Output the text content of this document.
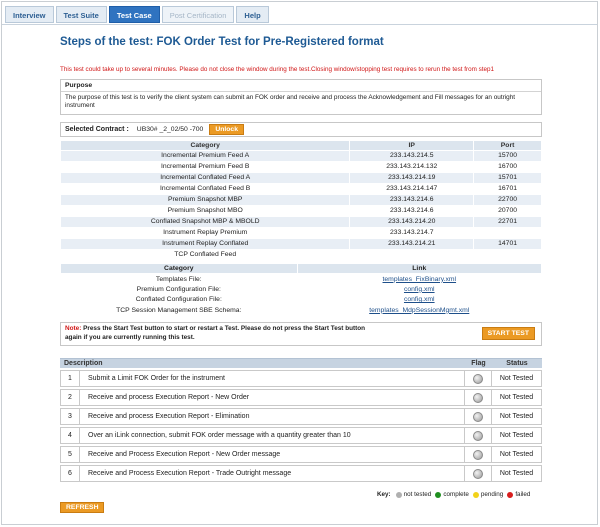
Interview	Test Suite	Test Case	Post Certification	Help
Steps of the test: FOK Order Test for Pre-Registered format
This test could take up to several minutes. Please do not close the window during the test.Closing window/stopping test requires to rerun the test from step1
Purpose
The purpose of this test is to verify the client system can submit an FOK order and receive and process the Acknowledgement and Fill messages for an outright instrument
Selected Contract : UB30# _2_02/50 -700	Unlock
Category	IP	Port
Incremental Premium Feed A	233.143.214.5	15700
Incremental Premium Feed B	233.143.214.132	16700
Incremental Conflated Feed A	233.143.214.19	15701
Incremental Conflated Feed B	233.143.214.147	16701
Premium Snapshot MBP	233.143.214.6	22700
Premium Snapshot MBO	233.143.214.6	20700
Conflated Snapshot MBP & MBOLD	233.143.214.20	22701
Instrument Replay Premium	233.143.214.7	
Instrument Replay Conflated	233.143.214.21	14701
TCP Conflated Feed		
Category	Link
Templates File:	templates_FixBinary.xml
Premium Configuration File:	config.xml
Conflated Configuration File:	config.xml
TCP Session Management SBE Schema:	templates_MdpSessionMgmt.xml
Note: Press the Start Test button to start or restart a Test. Please do not press the Start Test button
again if you are currently running this test.
START TEST
Description		Flag	Status
1	Submit a Limit FOK Order for the instrument		Not Tested
2	Receive and process Execution Report - New Order		Not Tested
3	Receive and process Execution Report - Elimination		Not Tested
4	Over an iLink connection, submit FOK order message with a quantity greater than 10		Not Tested
5	Receive and Process Execution Report - New Order message		Not Tested
6	Receive and Process Execution Report - Trade Outright message		Not Tested
Key: not tested complete pending failed
REFRESH
